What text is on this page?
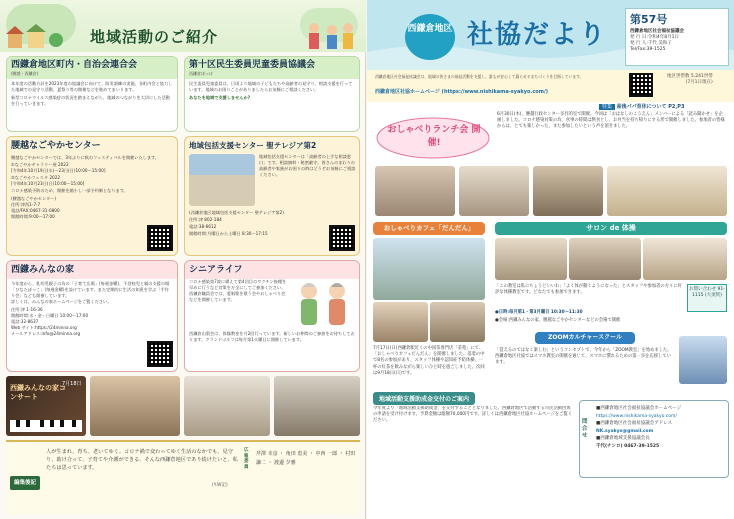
地域活動のご紹介
西鎌倉地区町内・自治会連合会
(腰越・西鎌倉)

本年度の活動方針を2023年度の協議会に向けて、防災訓練の実施、各町内会と協力した地域での見守り活動、夏祭り等の開催などを進めてまいります。

新型コロナウイルス感染症の状況を踏まえながら、地域のつながりを大切にした活動を行っていきます。

第十区民生委員児童委員協議会
西鎌倉ぼっけ

民生委員児童委員は、日頃より地域の子どもたちや高齢者の見守り、相談支援を行っています。地域のお困りごとがありましたらお気軽にご相談ください。

あなたを地域で支援しませんか?

腰越なごやかセンター

腰越なごやかセンターでは、3年ぶりに秋のフェスティバルを開催いたします。

①なごやかギャラリー展 2022

[令和4年10月19日(水)〜23日(日)10:00〜15:00]

②なごやかフェスタ 2022

[令和4年10月23日(日)10:00〜15:00]

コロナ感染予防のため、開催を縮小し一部予約制となります。

(腰越なごやかセンター)

住所:津西1-7-7

電話/FAX:0467-31-0800

開館時間:9:00〜17:00

地域包括支援センター 聖テレジア第2

地域包括支援センターは「高齢者の上手な相談窓口」です。相談無料・秘密厳守。皆さんのまわりの高齢者や家族がお困りの時はどうぞお気軽にご相談ください。

(西鎌倉地区地域包括支援センター 聖テレジア第2)

住所:津 802-184

電話:38-6612

開館時間:月曜日から土曜日 8:30〜17:15

西鎌みんなの家

今年度から、乳幼児親子の為の「子育て広場」(毎週金曜)、不登校児と親の支援の場「ひなたぼっこ」(毎週金曜)を設けています。また定期的に生活の知恵を学ぶ「手作り会」なども開催しています。

詳しくは、みんなの家ホームページをご覧ください。

住所:津 1-16-36

開館時間:水・金・日曜日 10:00〜17:00

電話:32-8637

Web サイト:https://24minna.org

メールアドレス:info@24minna.org

シニアライフ

コロナ感染第7波に備えて第4回目のワクチン接種を早めに行うなど対策を万全にしてご参加ください。西鎌倉職員会では、愛唱歌を歌う会やおしゃべり会などを開催しています。

西鎌倉山梨会は、体操教室を月2回行っています。新しいお仲間のご参加をお待ちしております。グランドゴルフは毎月第1火曜日に開催しています。

西鎌みんなの家コンサート
7月18日
編集後記
人が生まれ、育ち、老いてゆく。コロナ禍で変わってゆく生活のなかでも、見守り、助け合って、子育てや介護ができる、そんな西鎌倉地区であり続けたいと、私たちは思っています。
(Y.W記)
広報委員
芹澤 幸彦 ・ 角田 恵美 ・ 中西 一郎 ・ 村田 謙二 ・ 渡邊 夕雅
西鎌倉地区 社協だより
第57号
西鎌倉地区社会福祉協議会
発 行 日:令和4年8月1日
発 行 人:千代 美和子
Tel/Fax:39-1525
西鎌倉地区社会福祉協議会は、地域の皆さまの福祉活動を支援し、誰もが安心して暮らせるまちづくりを目指しています。
西鎌倉地区社協ホームページ (https://www.nishikama-syakyo.com/)
地区世帯数 5,241世帯
(7月1日現在)
特集 産後パパ育休について P2,P3
おしゃべりランチ会 開催!
6月30日(木)、腰越行政センター多目的室で開催。今回は「おはなしのこうえん」メンバーによる「読み聞かせ」を企画しました。コロナ感染対策の為、食事の時間は黙食とし、お弁当を持ち帰りにする形で開催しました。参加者の皆様からは、とても楽しかった、また参加したいという声を頂きました。
おしゃべりカフェ「だんだん」
7月17日(日)西鎌倉駅近くの中国茶専門店「茶苑」にて、「おしゃべりカフェだんだん」を開催しました。落着の中で8名の参加があり、スタッフ体操や認知症予防体操、一杯の紅茶を飲みながら楽しいひと時を過ごしました。次回は9月18日(日)です。
サロン de 体操
「この教室は私にちょうどいいわ」「よく体が動くようになった」とスタッフや参加者の方々に好評な体操教室です。どなたでも参加できます。
●日時:毎月第1・第3月曜日 10:30〜11:30
●会場:西鎌みんなの家、腰越なごやかセンターなどの会場で開催
お問い合わせ 91-1115 (大須賀)
ZOOMカルチャースクール
「覚えるのではなく楽しむ」というコンセプトで、今年から「ZOOM教室」を始めました。西鎌倉地区社協ではスマホ教室の開催を通じて、スマホに慣れるための第一歩を応援しています。
地域活動支援助成金交付のご案内
今年度より「地域活動支援助成金」を交付することとなりました。西鎌倉地区で活動する市民活動団体の申請を受け付けます。予算金額は総額70,000円です。詳しくは西鎌倉地区社協ホームページをご覧ください。	問合せ
■西鎌倉地区社会福祉協議会ホームページ
https://www.nishikama-syakyo.com/
■西鎌倉地区社会福祉協議会アドレス
NK.syakyo@gmail.com
■西鎌倉地域支援協議会長
千代(チシロ) 0467-39-1525
